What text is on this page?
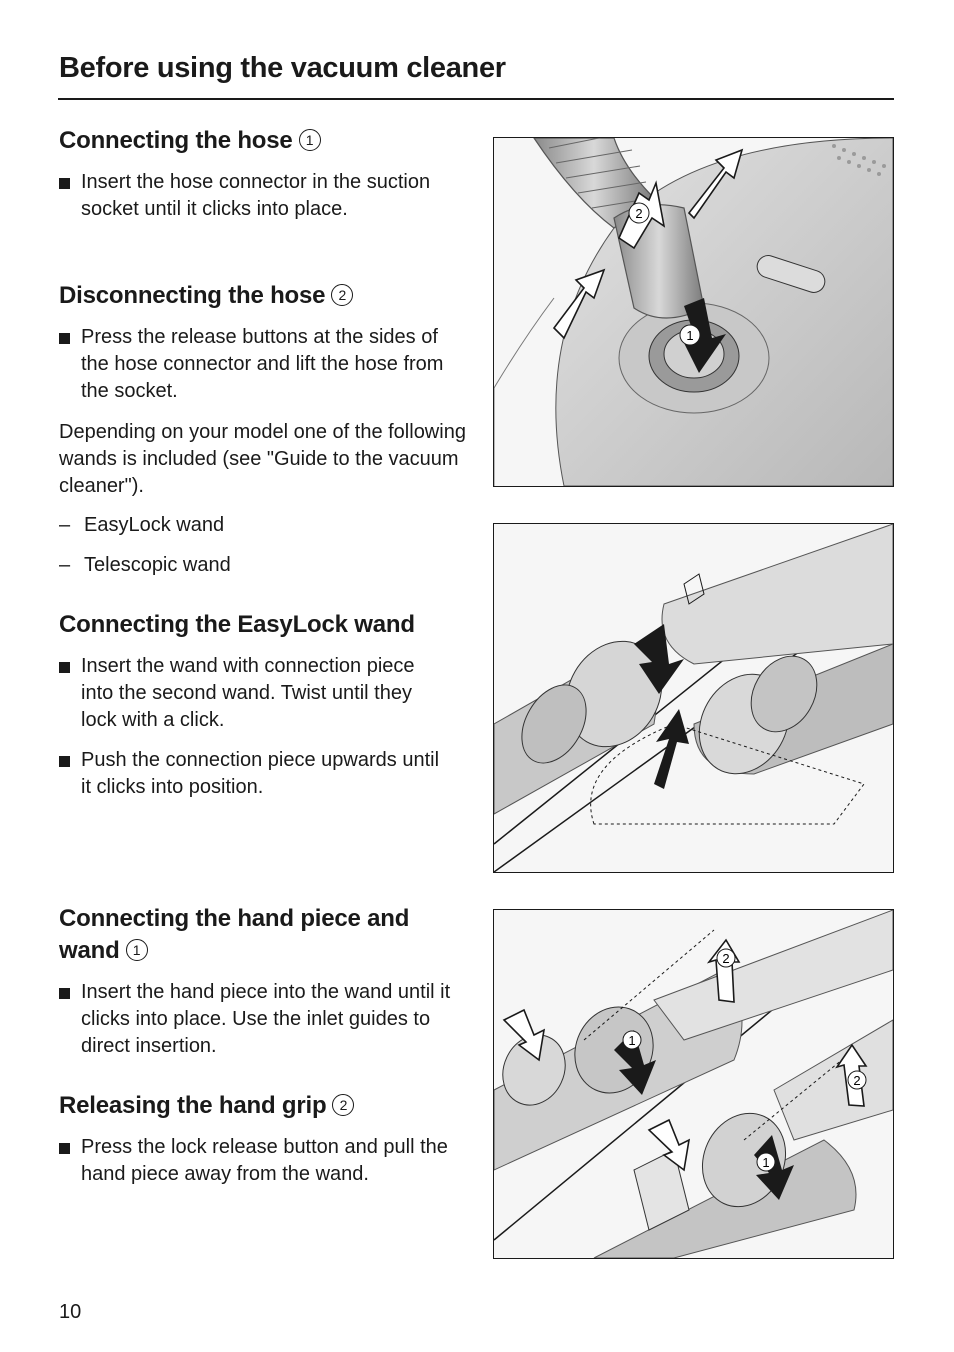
Before using the vacuum cleaner
Connecting the hose 1

Insert the hose connector in the suction socket until it clicks into place.

Disconnecting the hose 2

Press the release buttons at the sides of the hose connector and lift the hose from the socket.

Depending on your model one of the following wands is included (see "Guide to the vacuum cleaner").

– EasyLock wand

– Telescopic wand

Connecting the EasyLock wand

Insert the wand with connection piece into the second wand. Twist until they lock with a click.

Push the connection piece upwards until it clicks into position.

Connecting the hand piece and wand 1

Insert the hand piece into the wand until it clicks into place. Use the inlet guides to direct insertion.

Releasing the hand grip 2

Press the lock release button and pull the hand piece away from the wand.

2
1
2
1
2
1
10
